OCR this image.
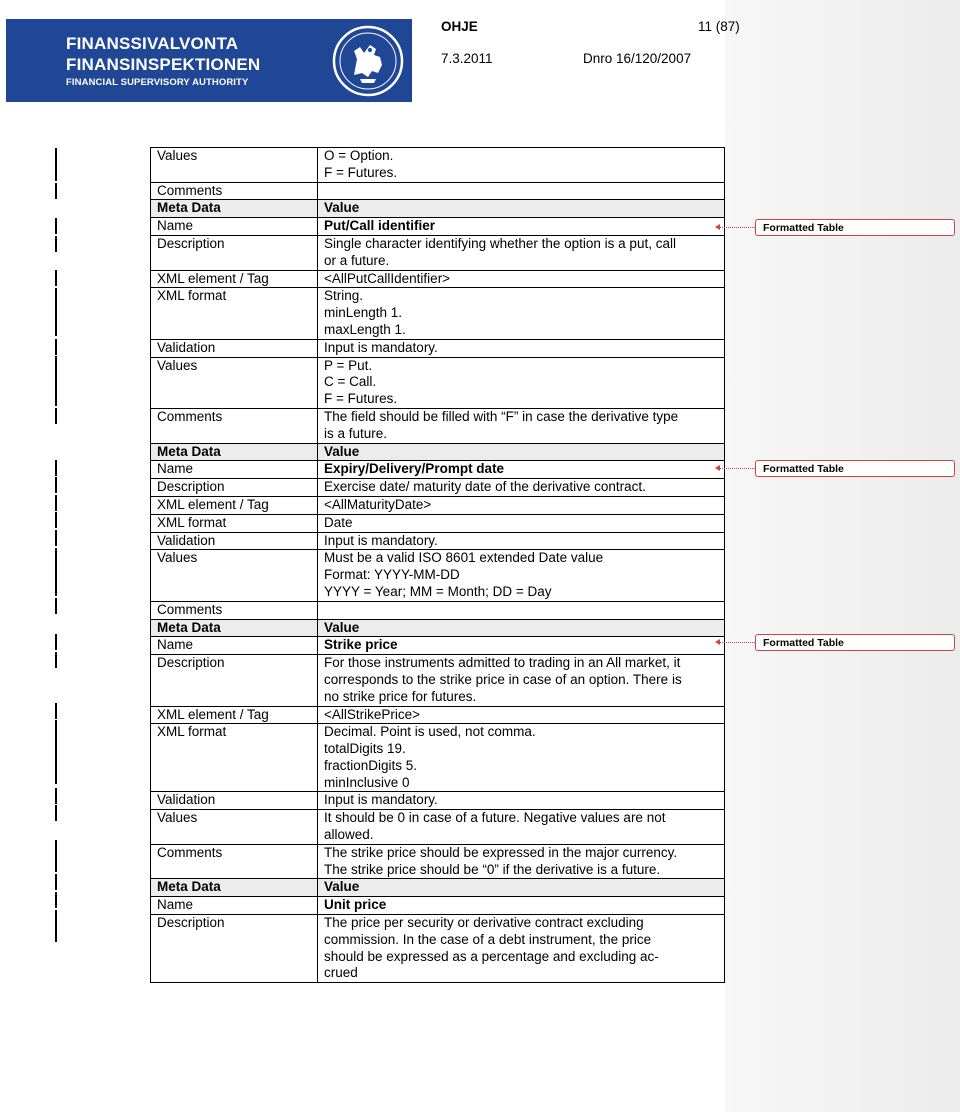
FINANSSIVALVONTA
FINANSINSPEKTIONEN
FINANCIAL SUPERVISORY AUTHORITY
OHJE	11 (87)
7.3.2011	Dnro 16/120/2007
Values	O = Option.
F = Futures.

Comments	

Meta Data	Value

Name	Put/Call identifier

Description	Single character identifying whether the option is a put, call
or a future.

XML element / Tag	<AllPutCallIdentifier>

XML format	String.
minLength 1.
maxLength 1.

Validation	Input is mandatory.

Values	P = Put.
C = Call.
F = Futures.

Comments	The field should be filled with “F” in case the derivative type
is a future.

Meta Data	Value

Name	Expiry/Delivery/Prompt date

Description	Exercise date/ maturity date of the derivative contract.

XML element / Tag	<AllMaturityDate>

XML format	Date

Validation	Input is mandatory.

Values	Must be a valid ISO 8601 extended Date value
Format: YYYY-MM-DD
YYYY = Year; MM = Month; DD = Day

Comments	

Meta Data	Value

Name	Strike price

Description	For those instruments admitted to trading in an All market, it
corresponds to the strike price in case of an option. There is
no strike price for futures.

XML element / Tag	<AllStrikePrice>

XML format	Decimal. Point is used, not comma.
totalDigits 19.
fractionDigits 5.
minInclusive 0

Validation	Input is mandatory.

Values	It should be 0 in case of a future. Negative values are not
allowed.

Comments	The strike price should be expressed in the major currency.
The strike price should be “0” if the derivative is a future.

Meta Data	Value

Name	Unit price

Description	The price per security or derivative contract excluding
commission. In the case of a debt instrument, the price
should be expressed as a percentage and excluding ac-
crued
Formatted Table
Formatted Table
Formatted Table
